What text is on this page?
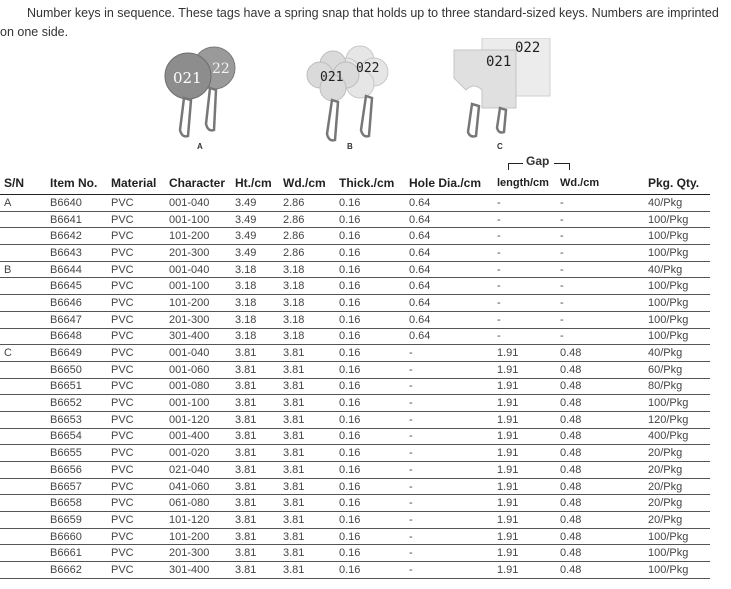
Number keys in sequence. These tags have a spring snap that holds up to three standard-sized keys. Numbers are imprinted on one side.
021 22
A
021
022
B
021
022
C
Gap
S/N	Item No.	Material	Character	Ht./cm	Wd./cm	Thick./cm	Hole Dia./cm	length/cm	Wd./cm	Pkg. Qty.
A	B6640	PVC	001-040	3.49	2.86	0.16	0.64	-	-	40/Pkg
	B6641	PVC	001-100	3.49	2.86	0.16	0.64	-	-	100/Pkg
	B6642	PVC	101-200	3.49	2.86	0.16	0.64	-	-	100/Pkg
	B6643	PVC	201-300	3.49	2.86	0.16	0.64	-	-	100/Pkg
B	B6644	PVC	001-040	3.18	3.18	0.16	0.64	-	-	40/Pkg
	B6645	PVC	001-100	3.18	3.18	0.16	0.64	-	-	100/Pkg
	B6646	PVC	101-200	3.18	3.18	0.16	0.64	-	-	100/Pkg
	B6647	PVC	201-300	3.18	3.18	0.16	0.64	-	-	100/Pkg
	B6648	PVC	301-400	3.18	3.18	0.16	0.64	-	-	100/Pkg
C	B6649	PVC	001-040	3.81	3.81	0.16	-	1.91	0.48	40/Pkg
	B6650	PVC	001-060	3.81	3.81	0.16	-	1.91	0.48	60/Pkg
	B6651	PVC	001-080	3.81	3.81	0.16	-	1.91	0.48	80/Pkg
	B6652	PVC	001-100	3.81	3.81	0.16	-	1.91	0.48	100/Pkg
	B6653	PVC	001-120	3.81	3.81	0.16	-	1.91	0.48	120/Pkg
	B6654	PVC	001-400	3.81	3.81	0.16	-	1.91	0.48	400/Pkg
	B6655	PVC	001-020	3.81	3.81	0.16	-	1.91	0.48	20/Pkg
	B6656	PVC	021-040	3.81	3.81	0.16	-	1.91	0.48	20/Pkg
	B6657	PVC	041-060	3.81	3.81	0.16	-	1.91	0.48	20/Pkg
	B6658	PVC	061-080	3.81	3.81	0.16	-	1.91	0.48	20/Pkg
	B6659	PVC	101-120	3.81	3.81	0.16	-	1.91	0.48	20/Pkg
	B6660	PVC	101-200	3.81	3.81	0.16	-	1.91	0.48	100/Pkg
	B6661	PVC	201-300	3.81	3.81	0.16	-	1.91	0.48	100/Pkg
	B6662	PVC	301-400	3.81	3.81	0.16	-	1.91	0.48	100/Pkg
